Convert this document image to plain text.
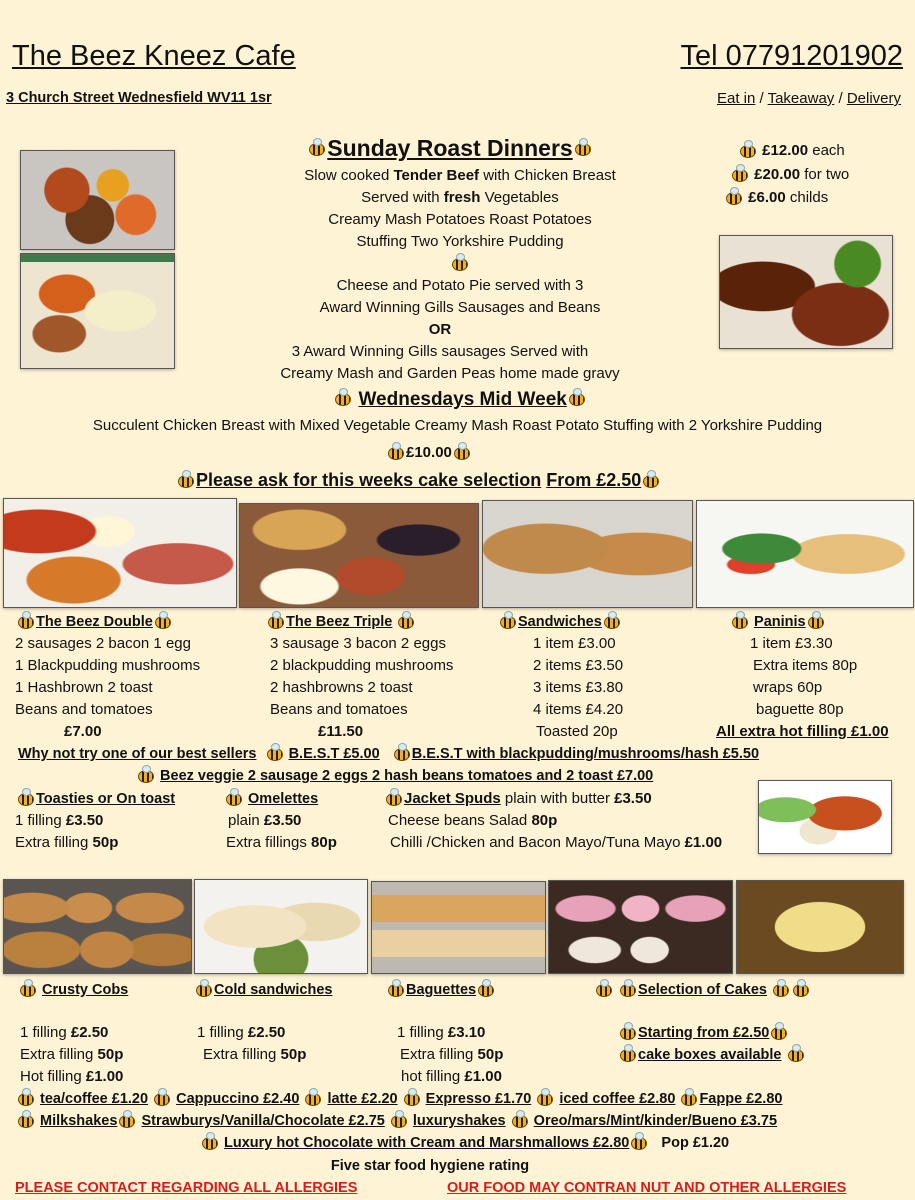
The Beez Kneez Cafe	Tel 07791201902
3 Church Street Wednesfield WV11 1sr	Eat in / Takeaway / Delivery
Sunday Roast Dinners
Slow cooked Tender Beef with Chicken Breast
Served with fresh Vegetables
Creamy Mash Potatoes Roast Potatoes
Stuffing Two Yorkshire Pudding
Cheese and Potato Pie served with 3
Award Winning Gills Sausages and Beans
OR
3 Award Winning Gills sausages Served with
Creamy Mash and Garden Peas home made gravy
£12.00 each
£20.00 for two
£6.00 childs
Wednesdays Mid Week
Succulent Chicken Breast with Mixed Vegetable Creamy Mash Roast Potato Stuffing with 2 Yorkshire Pudding
£10.00
Please ask for this weeks cake selection From £2.50
The Beez Double
2 sausages 2 bacon 1 egg
1 Blackpudding mushrooms
1 Hashbrown 2 toast
Beans and tomatoes
£7.00
The Beez Triple
3 sausage 3 bacon 2 eggs
2 blackpudding mushrooms
2 hashbrowns 2 toast
Beans and tomatoes
£11.50
Sandwiches
1 item £3.00
2 items £3.50
3 items £3.80
4 items £4.20
Toasted 20p
Paninis
1 item £3.30
Extra items 80p
wraps 60p
baguette 80p
All extra hot filling £1.00
Why not try one of our best sellers B.E.S.T £5.00 B.E.S.T with blackpudding/mushrooms/hash £5.50
Beez veggie 2 sausage 2 eggs 2 hash beans tomatoes and 2 toast £7.00
Toasties or On toast
1 filling £3.50
Extra filling 50p
Omelettes
plain £3.50
Extra fillings 80p
Jacket Spuds plain with butter £3.50
Cheese beans Salad 80p
Chilli /Chicken and Bacon Mayo/Tuna Mayo £1.00
Crusty Cobs
1 filling £2.50
Extra filling 50p
Hot filling £1.00
Cold sandwiches
1 filling £2.50
Extra filling 50p
Baguettes
1 filling £3.10
Extra filling 50p
hot filling £1.00
Selection of Cakes
Starting from £2.50
cake boxes available
tea/coffee £1.20 Cappuccino £2.40 latte £2.20 Expresso £1.70 iced coffee £2.80 Fappe £2.80
Milkshakes Strawburys/Vanilla/Chocolate £2.75 luxuryshakes Oreo/mars/Mint/kinder/Bueno £3.75
Luxury hot Chocolate with Cream and Marshmallows £2.80 Pop £1.20
Five star food hygiene rating
PLEASE CONTACT REGARDING ALL ALLERGIES	OUR FOOD MAY CONTRAN NUT AND OTHER ALLERGIES
